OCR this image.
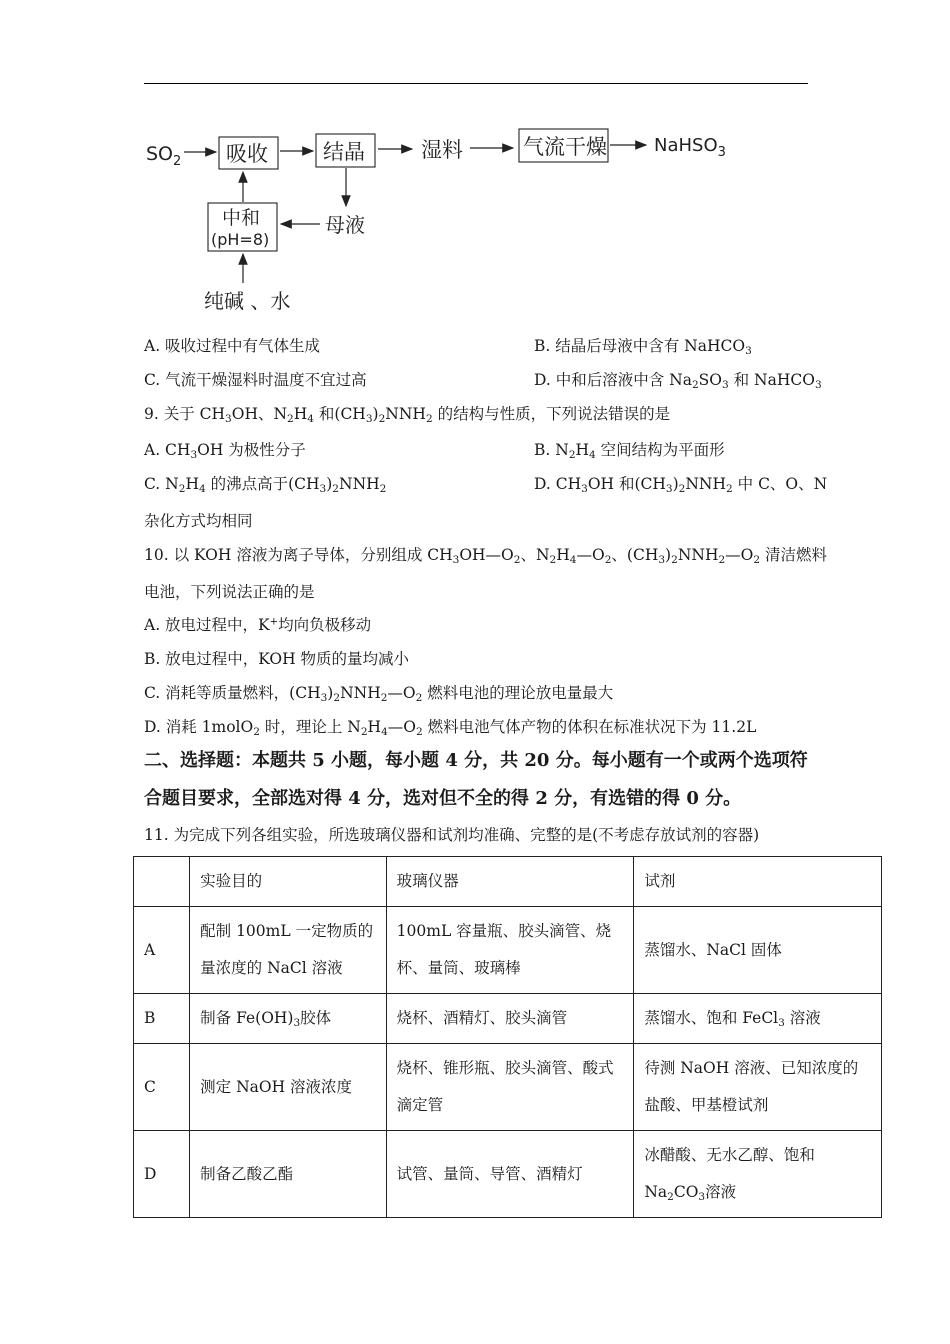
$SO_2$ 吸收	结晶	湿料	气流干燥	NaHSO$_3$
母液
中和
(pH=8)
纯碱 、水
A. 吸收过程中有气体生成	B. 结晶后母液中含有 NaHCO$_3$
C. 气流干燥湿料时温度不宜过高	D. 中和后溶液中含 $Na_2SO_3$ 和 NaHCO$_3$
9. 关于 $CH_3OH$、$N_2H_4$ 和$(CH_3)_2NNH_2$ 的结构与性质，下列说法错误的是
A. $CH_3OH$ 为极性分子	B. $N_2H_4$ 空间结构为平面形
C. $N_2H_4$ 的沸点高于$(CH_3)_2NNH_2$	D. $CH_3OH$ 和$(CH_3)_2NNH_2$ 中 C、O、N
杂化方式均相同
10. 以 KOH 溶液为离子导体，分别组成 $CH_3OH—O_2$、$N_2H_4—O_2$、$(CH_3)_2NNH_2—O_2$ 清洁燃料
电池，下列说法正确的是
A. 放电过程中，K+均向负极移动
B. 放电过程中，KOH 物质的量均减小
C. 消耗等质量燃料，$(CH_3)_2NNH_2—O_2$ 燃料电池的理论放电量最大
D. 消耗 1molO$_2$ 时，理论上 $N_2H_4—O_2$ 燃料电池气体产物的体积在标准状况下为 11.2L
二、选择题：本题共 5 小题，每小题 4 分，共 20 分。每小题有一个或两个选项符
合题目要求，全部选对得 4 分，选对但不全的得 2 分，有选错的得 0 分。
11. 为完成下列各组实验，所选玻璃仪器和试剂均准确、完整的是(不考虑存放试剂的容器)
	实验目的	玻璃仪器	试剂
A	配制 100mL 一定物质的量浓度的 NaCl 溶液	100mL 容量瓶、胶头滴管、烧杯、量筒、玻璃棒	蒸馏水、NaCl 固体
B	制备 $Fe(OH)_3$胶体	烧杯、酒精灯、胶头滴管	蒸馏水、饱和 FeCl$_3$ 溶液
C	测定 NaOH 溶液浓度	烧杯、锥形瓶、胶头滴管、酸式滴定管	待测 NaOH 溶液、已知浓度的盐酸、甲基橙试剂
D	制备乙酸乙酯	试管、量筒、导管、酒精灯	冰醋酸、无水乙醇、饱和 $Na_2CO_3$溶液
